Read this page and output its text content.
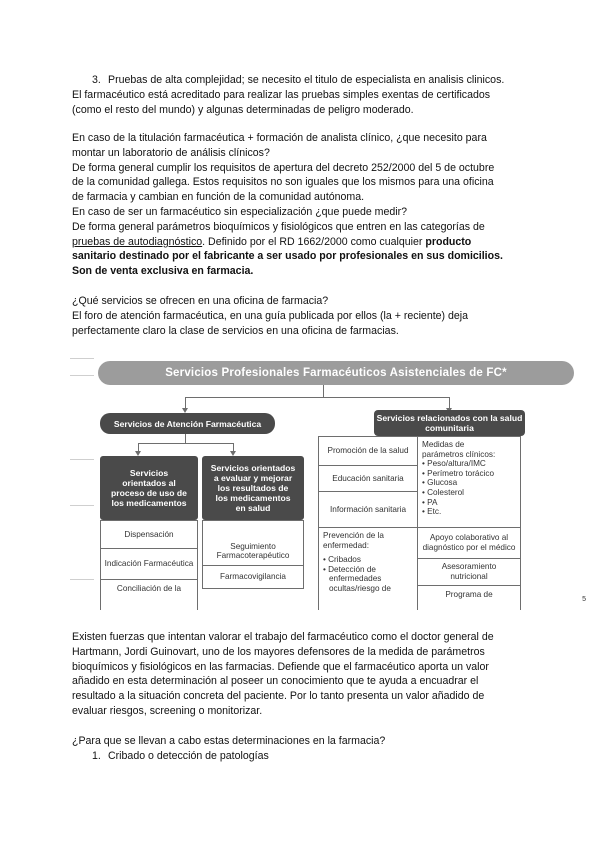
3. Pruebas de alta complejidad; se necesito el titulo de especialista en analisis clinicos.

El farmacéutico está acreditado para realizar las pruebas simples exentas de certificados

(como el resto del mundo) y algunas determinadas de peligro moderado.

En caso de la titulación farmacéutica + formación de analista clínico, ¿que necesito para

montar un laboratorio de análisis clínicos?

De forma general cumplir los requisitos de apertura del decreto 252/2000 del 5 de octubre

de la comunidad gallega. Estos requisitos no son iguales que los mismos para una oficina

de farmacia y cambian en función de la comunidad autónoma.

En caso de ser un farmacéutico sin especialización ¿que puede medir?

De forma general parámetros bioquímicos y fisiológicos que entren en las categorías de

pruebas de autodiagnóstico. Definido por el RD 1662/2000 como cualquier producto

sanitario destinado por el fabricante a ser usado por profesionales en sus domicilios.

Son de venta exclusiva en farmacia.

¿Qué servicios se ofrecen en una oficina de farmacia?

El foro de atención farmacéutica, en una guía publicada por ellos (la + reciente) deja

perfectamente claro la clase de servicios en una oficina de farmacias.

Servicios Profesionales Farmacéuticos Asistenciales de FC*
Servicios de Atención Farmacéutica
Servicios relacionados con la salud
comunitaria
Servicios
orientados al
proceso de uso de
los medicamentos
Servicios orientados
a evaluar y mejorar
los resultados de
los medicamentos
en salud
Dispensación
Indicación Farmacéutica
Conciliación de la
Seguimiento Farmacoterapéutico
Farmacovigilancia
Promoción de la salud
Educación sanitaria
Información sanitaria
Prevención de la
enfermedad:
• Cribados
• Detección de
enfermedades
ocultas/riesgo de
Medidas de
parámetros clínicos:
• Peso/altura/IMC
• Perímetro torácico
• Glucosa
• Colesterol
• PA
• Etc.
Apoyo colaborativo al diagnóstico por el médico
Asesoramiento nutricional
Programa de
5

Existen fuerzas que intentan valorar el trabajo del farmacéutico como el doctor general de

Hartmann, Jordi Guinovart, uno de los mayores defensores de la medida de parámetros

bioquímicos y fisiológicos en las farmacias. Defiende que el farmacéutico aporta un valor

añadido en esta determinación al poseer un conocimiento que te ayuda a encuadrar el

resultado a la situación concreta del paciente. Por lo tanto presenta un valor añadido de

evaluar riesgos, screening o monitorizar.

¿Para que se llevan a cabo estas determinaciones en la farmacia?

1. Cribado o detección de patologías
